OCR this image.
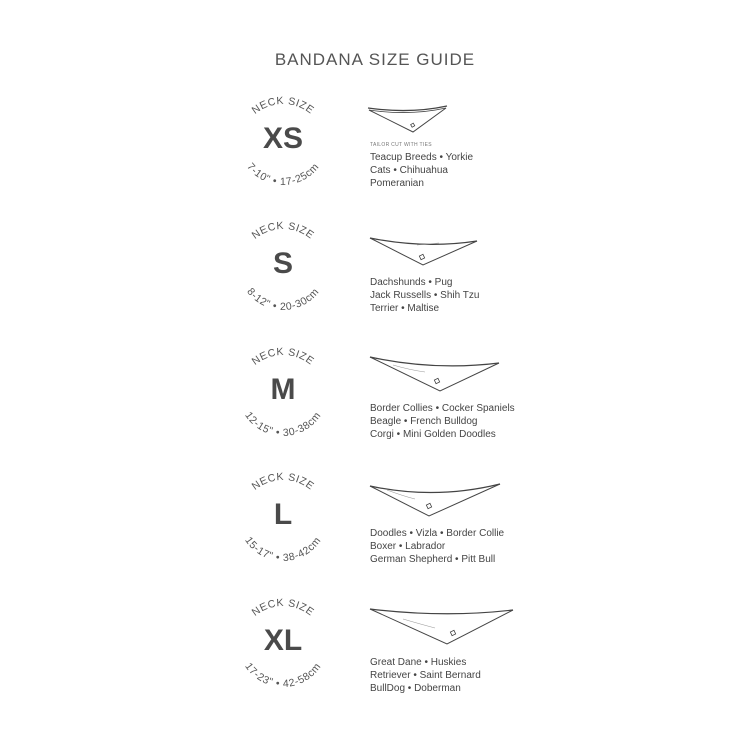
BANDANA SIZE GUIDE
NECK SIZE
7-10" • 17-25cm
XS	TAILOR CUT WITH TIES
Teacup Breeds • Yorkie
Cats • Chihuahua
Pomeranian
NECK SIZE
8-12" • 20-30cm
S
Dachshunds • Pug
Jack Russells • Shih Tzu
Terrier • Maltise
NECK SIZE
12-15" • 30-38cm
M
Border Collies • Cocker Spaniels
Beagle • French Bulldog
Corgi • Mini Golden Doodles
NECK SIZE
15-17" • 38-42cm
L
Doodles • Vizla • Border Collie
Boxer • Labrador
German Shepherd • Pitt Bull
NECK SIZE
17-23" • 42-58cm
XL
Great Dane • Huskies
Retriever • Saint Bernard
BullDog • Doberman
